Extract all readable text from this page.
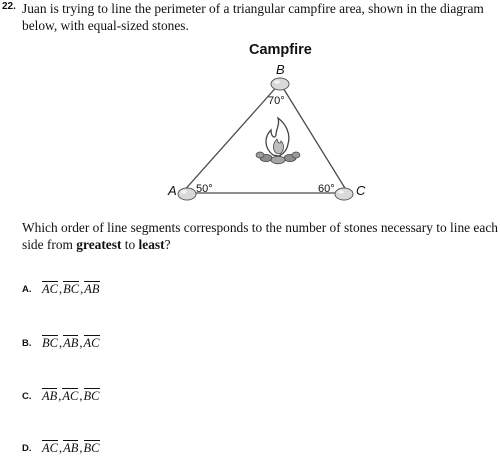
22. Juan is trying to line the perimeter of a triangular campfire area, shown in the diagram below, with equal-sized stones.
Campfire
B
A	C
70°
50°	60°
Which order of line segments corresponds to the number of stones necessary to line each side from greatest to least?
A. AC,BC,AB
B. BC,AB,AC
C. AB,AC,BC
D. AC,AB,BC
